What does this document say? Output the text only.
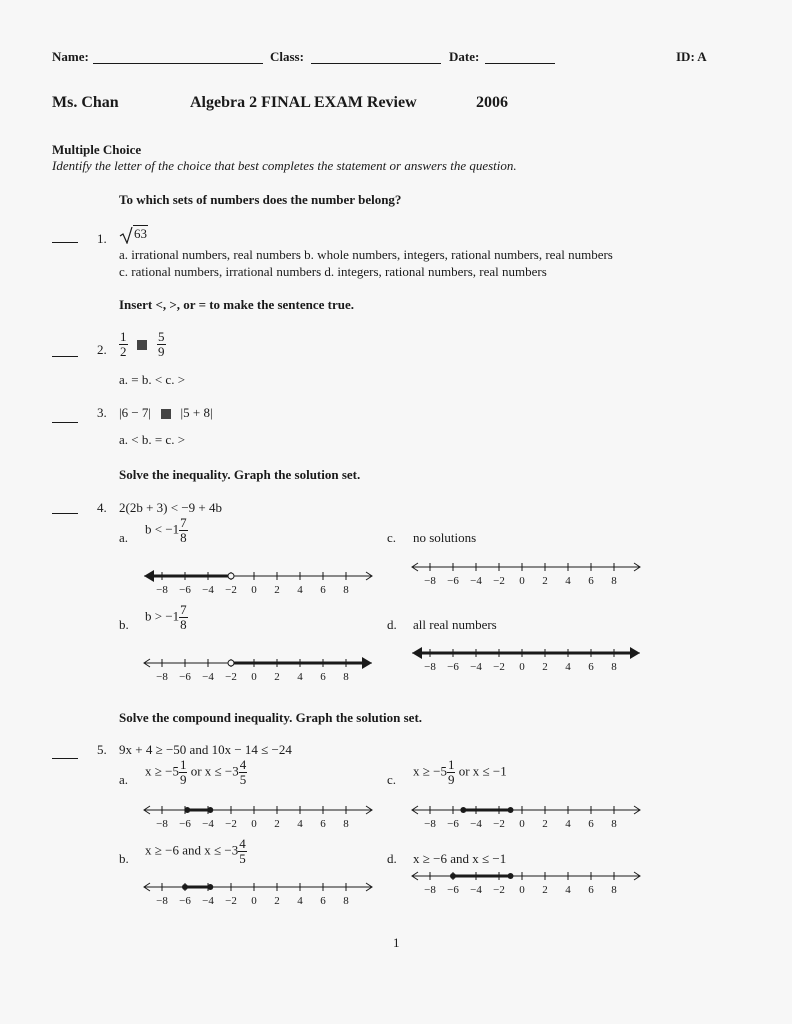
Name:	Class:	Date:	ID: A
Ms. Chan	Algebra 2 FINAL EXAM Review	2006
Multiple Choice
Identify the letter of the choice that best completes the statement or answers the question.
To which sets of numbers does the number belong?
1.	63
a. irrational numbers, real numbers b. whole numbers, integers, rational numbers, real numbers
c. rational numbers, irrational numbers d. integers, rational numbers, real numbers
Insert <, >, or = to make the sentence true.
2. $\frac{1}{2}$
$\frac{5}{9}$
a. = b. < c. >
3. |6 − 7| |5 + 8|
a. < b. = c. >
Solve the inequality. Graph the solution set.
4. 2(2b + 3) < −9 + 4b
a.
$b < -1 \frac{7}{8}$	c. no solutions
b.
$b > -1 \frac{7}{8}$	d. all real numbers
Solve the compound inequality. Graph the solution set.
5. 9x + 4 ≥ −50 and 10x − 14 ≤ −24
a.
$x \ge -5 \frac{1}{9}$ or $x \le -3 \frac{4}{5}$	c.
$x \ge -5 \frac{1}{9}$ or x ≤ −1
b.
x ≥ −6 and $x \le -3 \frac{4}{5}$	d. x ≥ −6 and x ≤ −1
−8 −6 −4 −2 0 2 4 6 8
−8 −6 −4 −2 0 2 4 6 8
−8 −6 −4 −2 0 2 4 6 8
−8 −6 −4 −2 0 2 4 6 8
−8 −6 −4 −2 0 2 4 6 8	−8 −6 −4 −2 0 2 4 6 8
−8 −6 −4 −2 0 2 4 6 8
−8 −6 −4 −2 0 2 4 6 8
1
